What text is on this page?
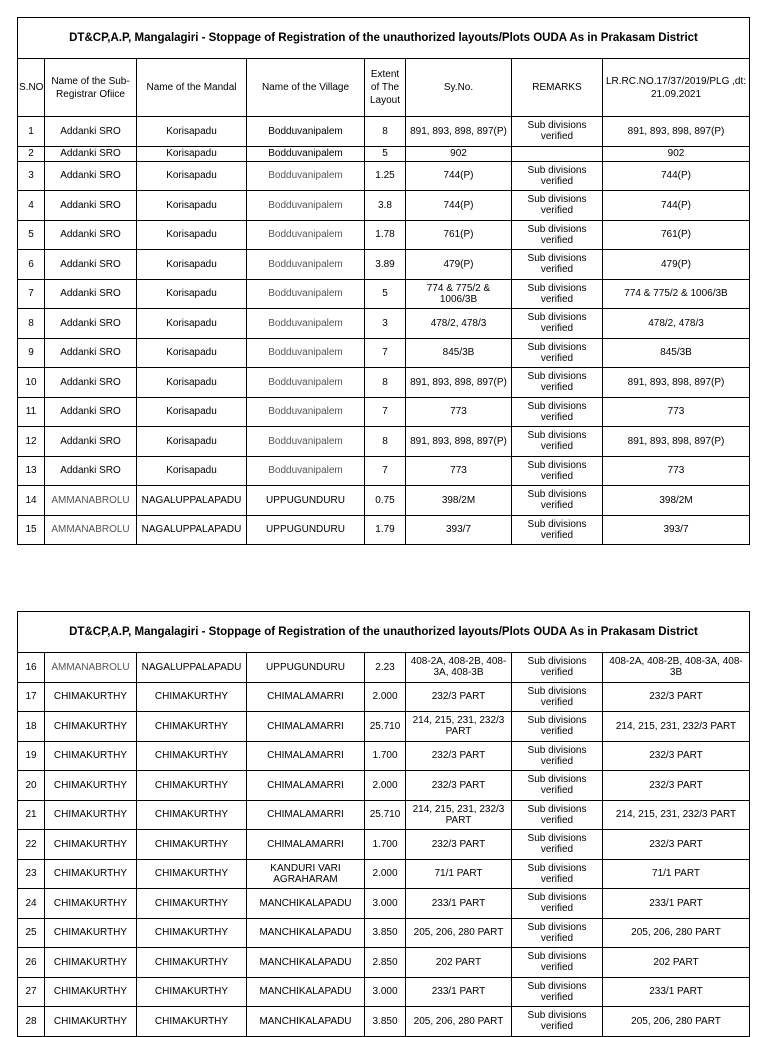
DT&CP,A.P, Mangalagiri - Stoppage of Registration of the unauthorized layouts/Plots OUDA As in Prakasam District							
S.NO	Name of the Sub-Registrar Ofiice	Name of the Mandal	Name of the Village	Extent of The Layout	Sy.No.	REMARKS	LR.RC.NO.17/37/2019/PLG ,dt: 21.09.2021
1	Addanki SRO	Korisapadu	Bodduvanipalem	8	891, 893, 898, 897(P)	Sub divisions verified	891, 893, 898, 897(P)
2	Addanki SRO	Korisapadu	Bodduvanipalem	5	902		902
3	Addanki SRO	Korisapadu	Bodduvanipalem	1.25	744(P)	Sub divisions verified	744(P)
4	Addanki SRO	Korisapadu	Bodduvanipalem	3.8	744(P)	Sub divisions verified	744(P)
5	Addanki SRO	Korisapadu	Bodduvanipalem	1.78	761(P)	Sub divisions verified	761(P)
6	Addanki SRO	Korisapadu	Bodduvanipalem	3.89	479(P)	Sub divisions verified	479(P)
7	Addanki SRO	Korisapadu	Bodduvanipalem	5	774 & 775/2 & 1006/3B	Sub divisions verified	774 & 775/2 & 1006/3B
8	Addanki SRO	Korisapadu	Bodduvanipalem	3	478/2, 478/3	Sub divisions verified	478/2, 478/3
9	Addanki SRO	Korisapadu	Bodduvanipalem	7	845/3B	Sub divisions verified	845/3B
10	Addanki SRO	Korisapadu	Bodduvanipalem	8	891, 893, 898, 897(P)	Sub divisions verified	891, 893, 898, 897(P)
11	Addanki SRO	Korisapadu	Bodduvanipalem	7	773	Sub divisions verified	773
12	Addanki SRO	Korisapadu	Bodduvanipalem	8	891, 893, 898, 897(P)	Sub divisions verified	891, 893, 898, 897(P)
13	Addanki SRO	Korisapadu	Bodduvanipalem	7	773	Sub divisions verified	773
14	AMMANABROLU	NAGALUPPALAPADU	UPPUGUNDURU	0.75	398/2M	Sub divisions verified	398/2M
15	AMMANABROLU	NAGALUPPALAPADU	UPPUGUNDURU	1.79	393/7	Sub divisions verified	393/7
DT&CP,A.P, Mangalagiri - Stoppage of Registration of the unauthorized layouts/Plots OUDA As in Prakasam District							
16	AMMANABROLU	NAGALUPPALAPADU	UPPUGUNDURU	2.23	408-2A, 408-2B, 408-3A, 408-3B	Sub divisions verified	408-2A, 408-2B, 408-3A, 408-3B
17	CHIMAKURTHY	CHIMAKURTHY	CHIMALAMARRI	2.000	232/3 PART	Sub divisions verified	232/3 PART
18	CHIMAKURTHY	CHIMAKURTHY	CHIMALAMARRI	25.710	214, 215, 231, 232/3 PART	Sub divisions verified	214, 215, 231, 232/3 PART
19	CHIMAKURTHY	CHIMAKURTHY	CHIMALAMARRI	1.700	232/3 PART	Sub divisions verified	232/3 PART
20	CHIMAKURTHY	CHIMAKURTHY	CHIMALAMARRI	2.000	232/3 PART	Sub divisions verified	232/3 PART
21	CHIMAKURTHY	CHIMAKURTHY	CHIMALAMARRI	25.710	214, 215, 231, 232/3 PART	Sub divisions verified	214, 215, 231, 232/3 PART
22	CHIMAKURTHY	CHIMAKURTHY	CHIMALAMARRI	1.700	232/3 PART	Sub divisions verified	232/3 PART
23	CHIMAKURTHY	CHIMAKURTHY	KANDURI VARI AGRAHARAM	2.000	71/1 PART	Sub divisions verified	71/1 PART
24	CHIMAKURTHY	CHIMAKURTHY	MANCHIKALAPADU	3.000	233/1 PART	Sub divisions verified	233/1 PART
25	CHIMAKURTHY	CHIMAKURTHY	MANCHIKALAPADU	3.850	205, 206, 280 PART	Sub divisions verified	205, 206, 280 PART
26	CHIMAKURTHY	CHIMAKURTHY	MANCHIKALAPADU	2.850	202 PART	Sub divisions verified	202 PART
27	CHIMAKURTHY	CHIMAKURTHY	MANCHIKALAPADU	3.000	233/1 PART	Sub divisions verified	233/1 PART
28	CHIMAKURTHY	CHIMAKURTHY	MANCHIKALAPADU	3.850	205, 206, 280 PART	Sub divisions verified	205, 206, 280 PART
